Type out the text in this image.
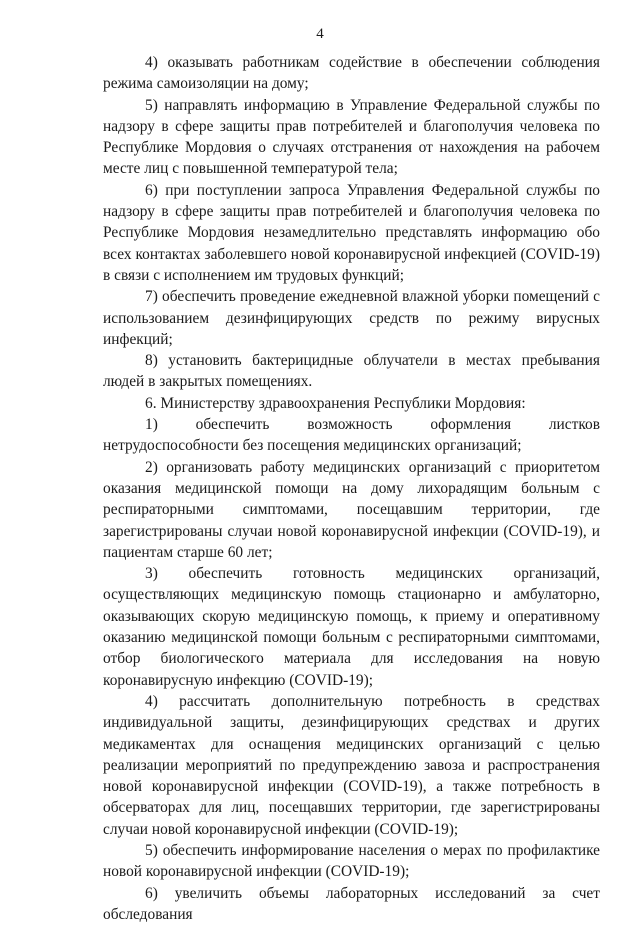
4

4) оказывать работникам содействие в обеспечении соблюдения режима самоизоляции на дому;

5) направлять информацию в Управление Федеральной службы по надзору в сфере защиты прав потребителей и благополучия человека по Республике Мордовия о случаях отстранения от нахождения на рабочем месте лиц с повышенной температурой тела;

6) при поступлении запроса Управления Федеральной службы по надзору в сфере защиты прав потребителей и благополучия человека по Республике Мордовия незамедлительно представлять информацию обо всех контактах заболевшего новой коронавирусной инфекцией (COVID-19) в связи с исполнением им трудовых функций;

7) обеспечить проведение ежедневной влажной уборки помещений с использованием дезинфицирующих средств по режиму вирусных инфекций;

8) установить бактерицидные облучатели в местах пребывания людей в закрытых помещениях.

6. Министерству здравоохранения Республики Мордовия:

1) обеспечить возможность оформления листков нетрудоспособности без посещения медицинских организаций;

2) организовать работу медицинских организаций с приоритетом оказания медицинской помощи на дому лихорадящим больным с респираторными симптомами, посещавшим территории, где зарегистрированы случаи новой коронавирусной инфекции (COVID-19), и пациентам старше 60 лет;

3) обеспечить готовность медицинских организаций, осуществляющих медицинскую помощь стационарно и амбулаторно, оказывающих скорую медицинскую помощь, к приему и оперативному оказанию медицинской помощи больным с респираторными симптомами, отбор биологического материала для исследования на новую коронавирусную инфекцию (COVID-19);

4) рассчитать дополнительную потребность в средствах индивидуальной защиты, дезинфицирующих средствах и других медикаментах для оснащения медицинских организаций с целью реализации мероприятий по предупреждению завоза и распространения новой коронавирусной инфекции (COVID-19), а также потребность в обсерваторах для лиц, посещавших территории, где зарегистрированы случаи новой коронавирусной инфекции (COVID-19);

5) обеспечить информирование населения о мерах по профилактике новой коронавирусной инфекции (COVID-19);

6) увеличить объемы лабораторных исследований за счет обследования
